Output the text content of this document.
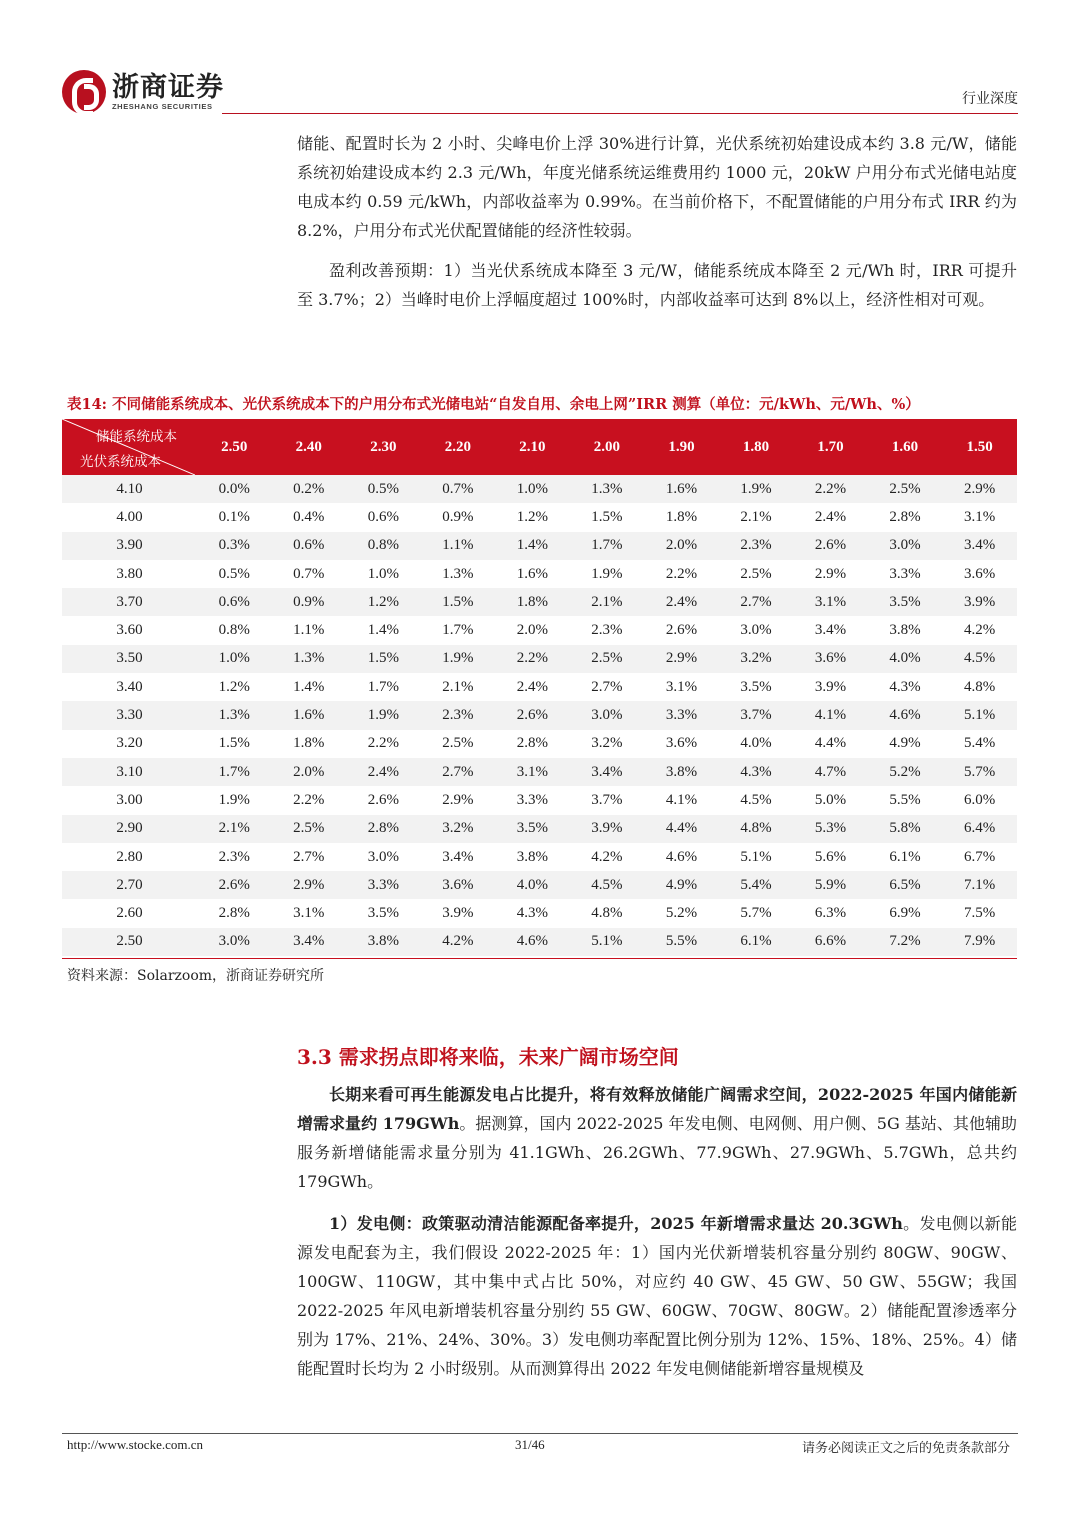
浙商证券
ZHESHANG SECURITIES	行业深度

储能、配置时长为 2 小时、尖峰电价上浮 30%进行计算，光伏系统初始建设成本约 3.8 元/W，储能系统初始建设成本约 2.3 元/Wh，年度光储系统运维费用约 1000 元，20kW 户用分布式光储电站度电成本约 0.59 元/kWh，内部收益率为 0.99%。在当前价格下，不配置储能的户用分布式 IRR 约为 8.2%，户用分布式光伏配置储能的经济性较弱。

盈利改善预期：1）当光伏系统成本降至 3 元/W，储能系统成本降至 2 元/Wh 时，IRR 可提升至 3.7%；2）当峰时电价上浮幅度超过 100%时，内部收益率可达到 8%以上，经济性相对可观。

表14: 不同储能系统成本、光伏系统成本下的户用分布式光储电站“自发自用、余电上网”IRR 测算（单位：元/kWh、元/Wh、%）
储能系统成本
光伏系统成本	2.50	2.40	2.30	2.20	2.10	2.00	1.90	1.80	1.70	1.60	1.50
4.10	0.0%	0.2%	0.5%	0.7%	1.0%	1.3%	1.6%	1.9%	2.2%	2.5%	2.9%
4.00	0.1%	0.4%	0.6%	0.9%	1.2%	1.5%	1.8%	2.1%	2.4%	2.8%	3.1%
3.90	0.3%	0.6%	0.8%	1.1%	1.4%	1.7%	2.0%	2.3%	2.6%	3.0%	3.4%
3.80	0.5%	0.7%	1.0%	1.3%	1.6%	1.9%	2.2%	2.5%	2.9%	3.3%	3.6%
3.70	0.6%	0.9%	1.2%	1.5%	1.8%	2.1%	2.4%	2.7%	3.1%	3.5%	3.9%
3.60	0.8%	1.1%	1.4%	1.7%	2.0%	2.3%	2.6%	3.0%	3.4%	3.8%	4.2%
3.50	1.0%	1.3%	1.5%	1.9%	2.2%	2.5%	2.9%	3.2%	3.6%	4.0%	4.5%
3.40	1.2%	1.4%	1.7%	2.1%	2.4%	2.7%	3.1%	3.5%	3.9%	4.3%	4.8%
3.30	1.3%	1.6%	1.9%	2.3%	2.6%	3.0%	3.3%	3.7%	4.1%	4.6%	5.1%
3.20	1.5%	1.8%	2.2%	2.5%	2.8%	3.2%	3.6%	4.0%	4.4%	4.9%	5.4%
3.10	1.7%	2.0%	2.4%	2.7%	3.1%	3.4%	3.8%	4.3%	4.7%	5.2%	5.7%
3.00	1.9%	2.2%	2.6%	2.9%	3.3%	3.7%	4.1%	4.5%	5.0%	5.5%	6.0%
2.90	2.1%	2.5%	2.8%	3.2%	3.5%	3.9%	4.4%	4.8%	5.3%	5.8%	6.4%
2.80	2.3%	2.7%	3.0%	3.4%	3.8%	4.2%	4.6%	5.1%	5.6%	6.1%	6.7%
2.70	2.6%	2.9%	3.3%	3.6%	4.0%	4.5%	4.9%	5.4%	5.9%	6.5%	7.1%
2.60	2.8%	3.1%	3.5%	3.9%	4.3%	4.8%	5.2%	5.7%	6.3%	6.9%	7.5%
2.50	3.0%	3.4%	3.8%	4.2%	4.6%	5.1%	5.5%	6.1%	6.6%	7.2%	7.9%
资料来源：Solarzoom，浙商证券研究所
3.3 需求拐点即将来临，未来广阔市场空间

长期来看可再生能源发电占比提升，将有效释放储能广阔需求空间，2022-2025 年国内储能新增需求量约 179GWh。据测算，国内 2022-2025 年发电侧、电网侧、用户侧、5G 基站、其他辅助服务新增储能需求量分别为 41.1GWh、26.2GWh、77.9GWh、27.9GWh、5.7GWh，总共约 179GWh。

1）发电侧：政策驱动清洁能源配备率提升，2025 年新增需求量达 20.3GWh。发电侧以新能源发电配套为主，我们假设 2022-2025 年：1）国内光伏新增装机容量分别约 80GW、90GW、100GW、110GW，其中集中式占比 50%，对应约 40 GW、45 GW、50 GW、55GW；我国 2022-2025 年风电新增装机容量分别约 55 GW、60GW、70GW、80GW。2）储能配置渗透率分别为 17%、21%、24%、30%。3）发电侧功率配置比例分别为 12%、15%、18%、25%。4）储能配置时长均为 2 小时级别。从而测算得出 2022 年发电侧储能新增容量规模及

http://www.stocke.com.cn	31/46	请务必阅读正文之后的免责条款部分
